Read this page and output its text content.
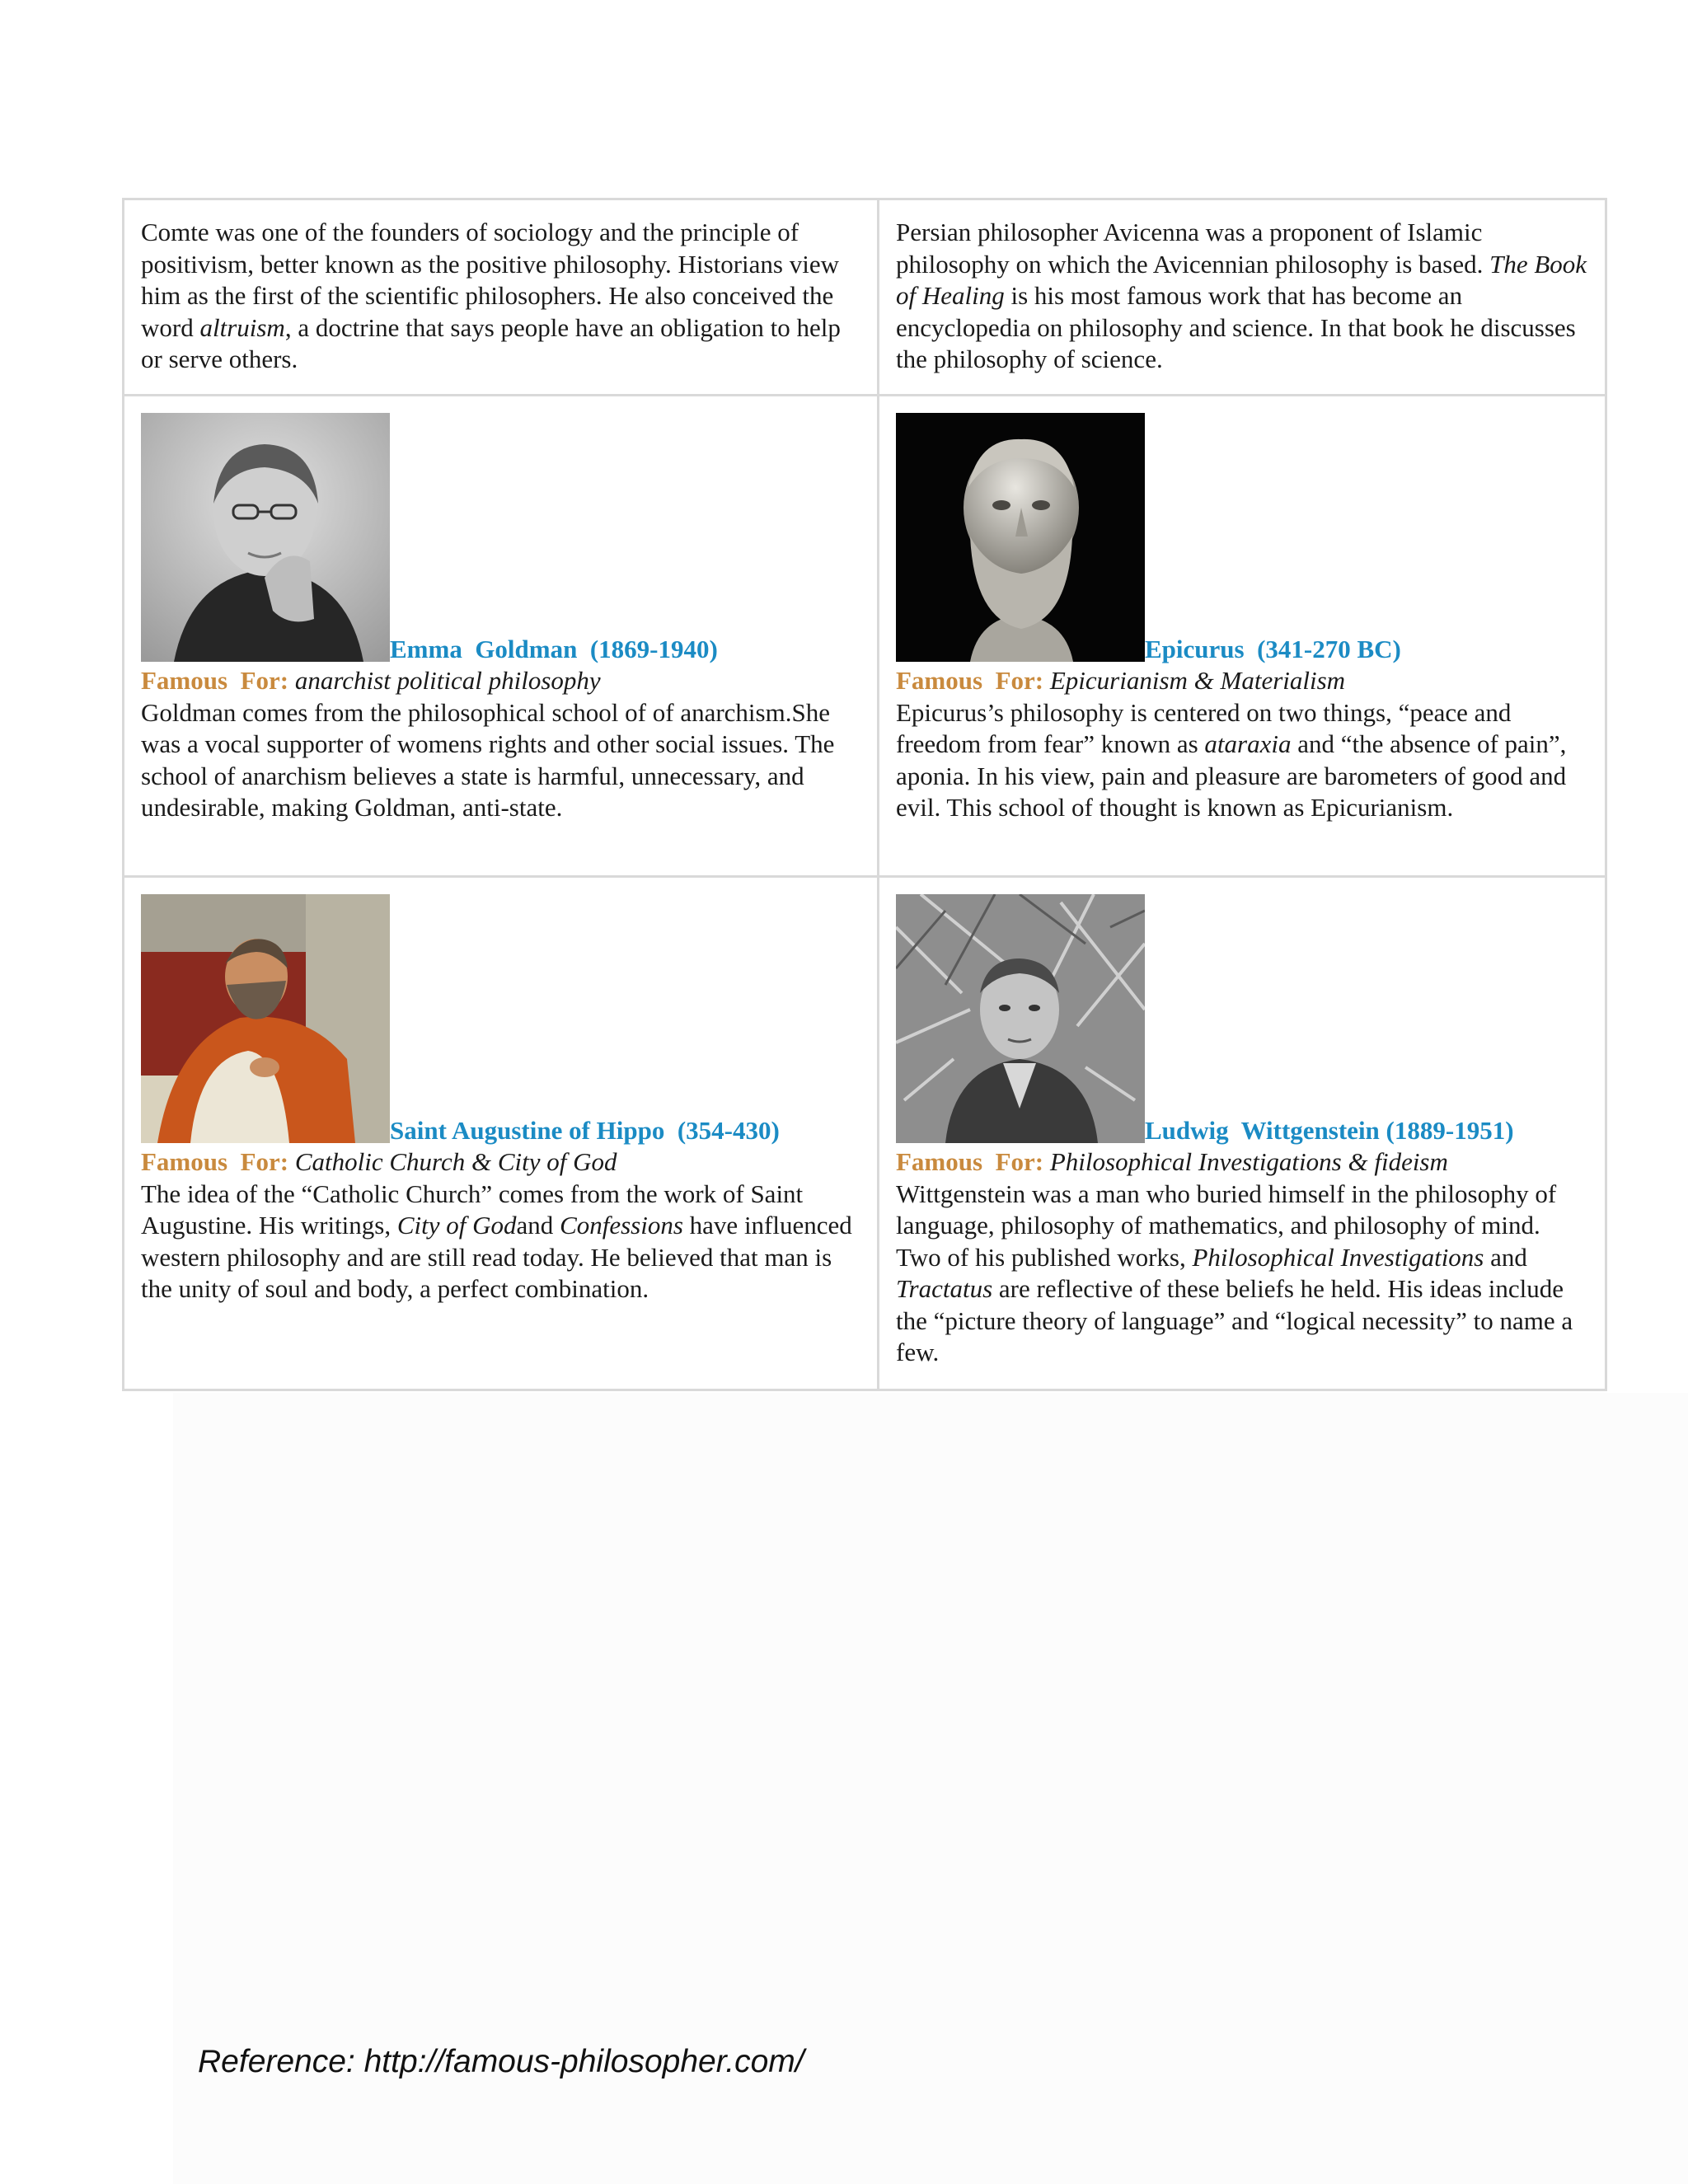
Comte was one of the founders of sociology and the principle of positivism, better known as the positive philosophy. Historians view him as the first of the scientific philosophers. He also conceived the word altruism, a doctrine that says people have an obligation to help or serve others.

Persian philosopher Avicenna was a proponent of Islamic philosophy on which the Avicennian philosophy is based. The Book of Healing is his most famous work that has become an encyclopedia on philosophy and science. In that book he discusses the philosophy of science.

Emma  Goldman  (1869-1940)
Famous  For: anarchist political philosophy

Goldman comes from the philosophical school of of anarchism.She was a vocal supporter of womens rights and other social issues. The school of anarchism believes a state is harmful, unnecessary, and undesirable, making Goldman, anti-state.

Epicurus  (341-270 BC)
Famous  For: Epicurianism & Materialism

Epicurus’s philosophy is centered on two things, “peace and freedom from fear” known as ataraxia and “the absence of pain”, aponia. In his view, pain and pleasure are barometers of good and evil. This school of thought is known as Epicurianism.

Saint Augustine of Hippo  (354-430)
Famous  For: Catholic Church & City of God

The idea of the “Catholic Church” comes from the work of Saint Augustine. His writings, City of Godand Confessions have influenced western philosophy and are still read today. He believed that man is the unity of soul and body, a perfect combination.

Ludwig  Wittgenstein (1889-1951)
Famous  For: Philosophical Investigations & fideism

Wittgenstein was a man who buried himself in the philosophy of language, philosophy of mathematics, and philosophy of mind. Two of his published works, Philosophical Investigations and Tractatus are reflective of these beliefs he held. His ideas include the “picture theory of language” and “logical necessity” to name a few.

Reference: http://famous-philosopher.com/
